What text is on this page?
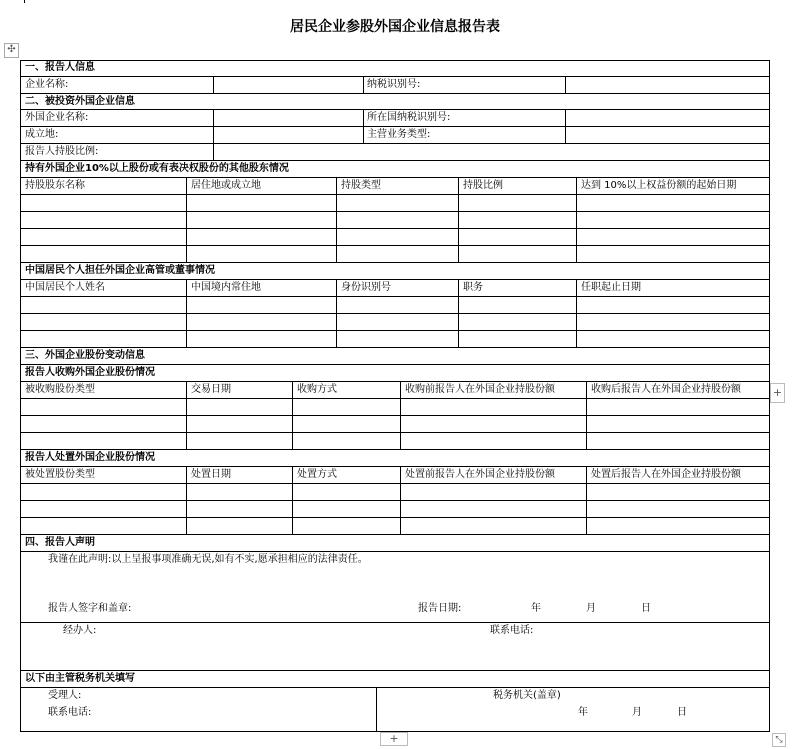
居民企业参股外国企业信息报告表
✣
一、报告人信息
企业名称:	纳税识别号:
二、被投资外国企业信息
外国企业名称:	所在国纳税识别号:
成立地:	主营业务类型:
报告人持股比例:
持有外国企业10%以上股份或有表决权股份的其他股东情况
持股股东名称	居住地或成立地	持股类型	持股比例	达到 10%以上权益份额的起始日期
中国居民个人担任外国企业高管或董事情况
中国居民个人姓名	中国境内常住地	身份识别号	职务	任职起止日期
三、外国企业股份变动信息
报告人收购外国企业股份情况
被收购股份类型	交易日期	收购方式	收购前报告人在外国企业持股份额	收购后报告人在外国企业持股份额
报告人处置外国企业股份情况
被处置股份类型	处置日期	处置方式	处置前报告人在外国企业持股份额	处置后报告人在外国企业持股份额
四、报告人声明
我谨在此声明:以上呈报事项准确无误,如有不实,愿承担相应的法律责任。
报告人签字和盖章:	报告日期:	年	月	日
经办人:	联系电话:
以下由主管税务机关填写
受理人:
联系电话:
税务机关(盖章)
年	月	日
+
+	⤡
